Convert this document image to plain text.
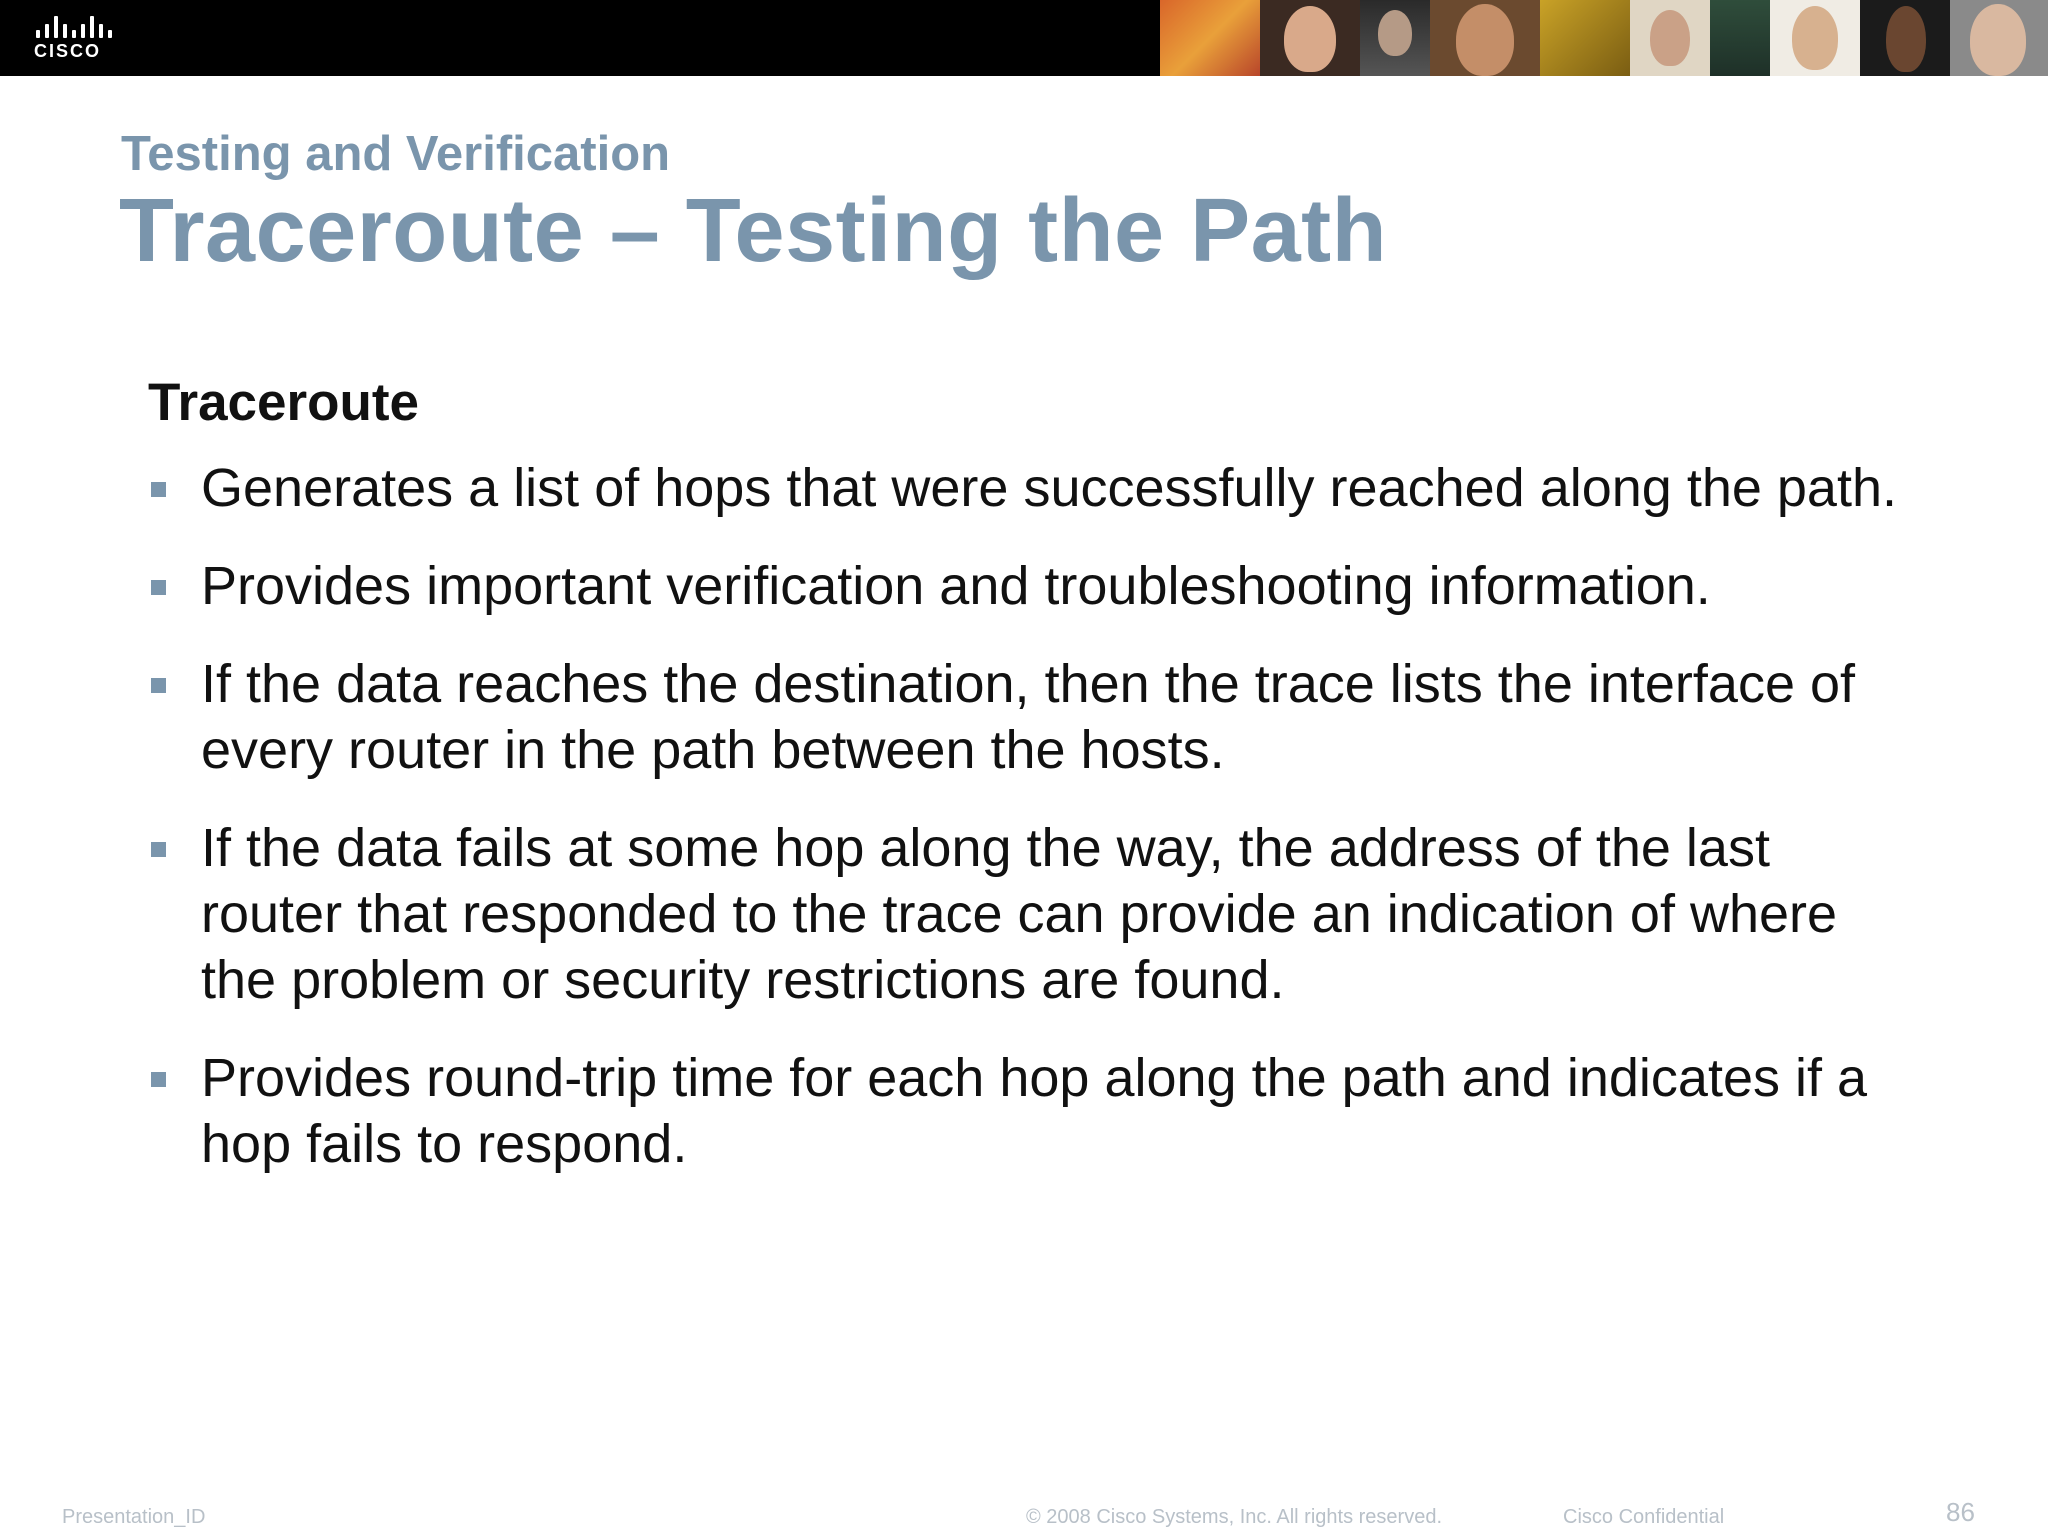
CISCO
Testing and Verification
Traceroute – Testing the Path
Traceroute
Generates a list of hops that were successfully reached along the path.
Provides important verification and troubleshooting information.
If the data reaches the destination, then the trace lists the interface of every router in the path between the hosts.
If the data fails at some hop along the way, the address of the last router that responded to the trace can provide an indication of where the problem or security restrictions are found.
Provides round-trip time for each hop along the path and indicates if a hop fails to respond.
Presentation_ID	© 2008 Cisco Systems, Inc. All rights reserved.	Cisco Confidential	86
